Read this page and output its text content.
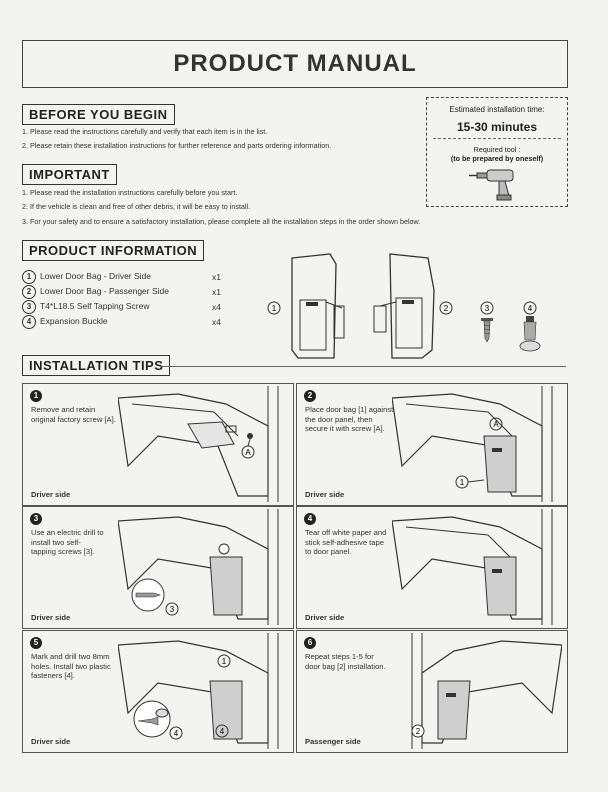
PRODUCT MANUAL
BEFORE YOU BEGIN
1. Please read the instructions carefully and verify that each item is in the list.
2. Please retain these installation instructions for further reference and parts ordering information.
Estimated installation time:
15-30 minutes
Required tool :
(to be prepared by oneself)
IMPORTANT
1. Please read the installation instructions carefully before you start.
2. If the vehicle is clean and free of other debris, it will be easy to install.
3. For your safety and to ensure a satisfactory installation, please complete all the installation steps in the order shown below.
PRODUCT INFORMATION
1 Lower Door Bag - Driver Side	x1
2 Lower Door Bag - Passenger Side	x1
3 T4*L18.5 Self Tapping Screw	x4
4 Expansion Buckle	x4
1	2	3	4
INSTALLATION TIPS
1
Remove and retain original factory screw [A].
Driver side
A
2
Place door bag [1] against the door panel, then secure it with screw [A].
Driver side
A
1
3
Use an electric drill to install two self-tapping screws [3].
Driver side
3
4
Tear off white paper and stick self-adhesive tape to door panel.
Driver side
5
Mark and drill two 8mm holes. Install two plastic fasteners [4].
Driver side
1
4	4
6
Repeat steps 1-5 for door bag [2] installation.
Passenger side
2
